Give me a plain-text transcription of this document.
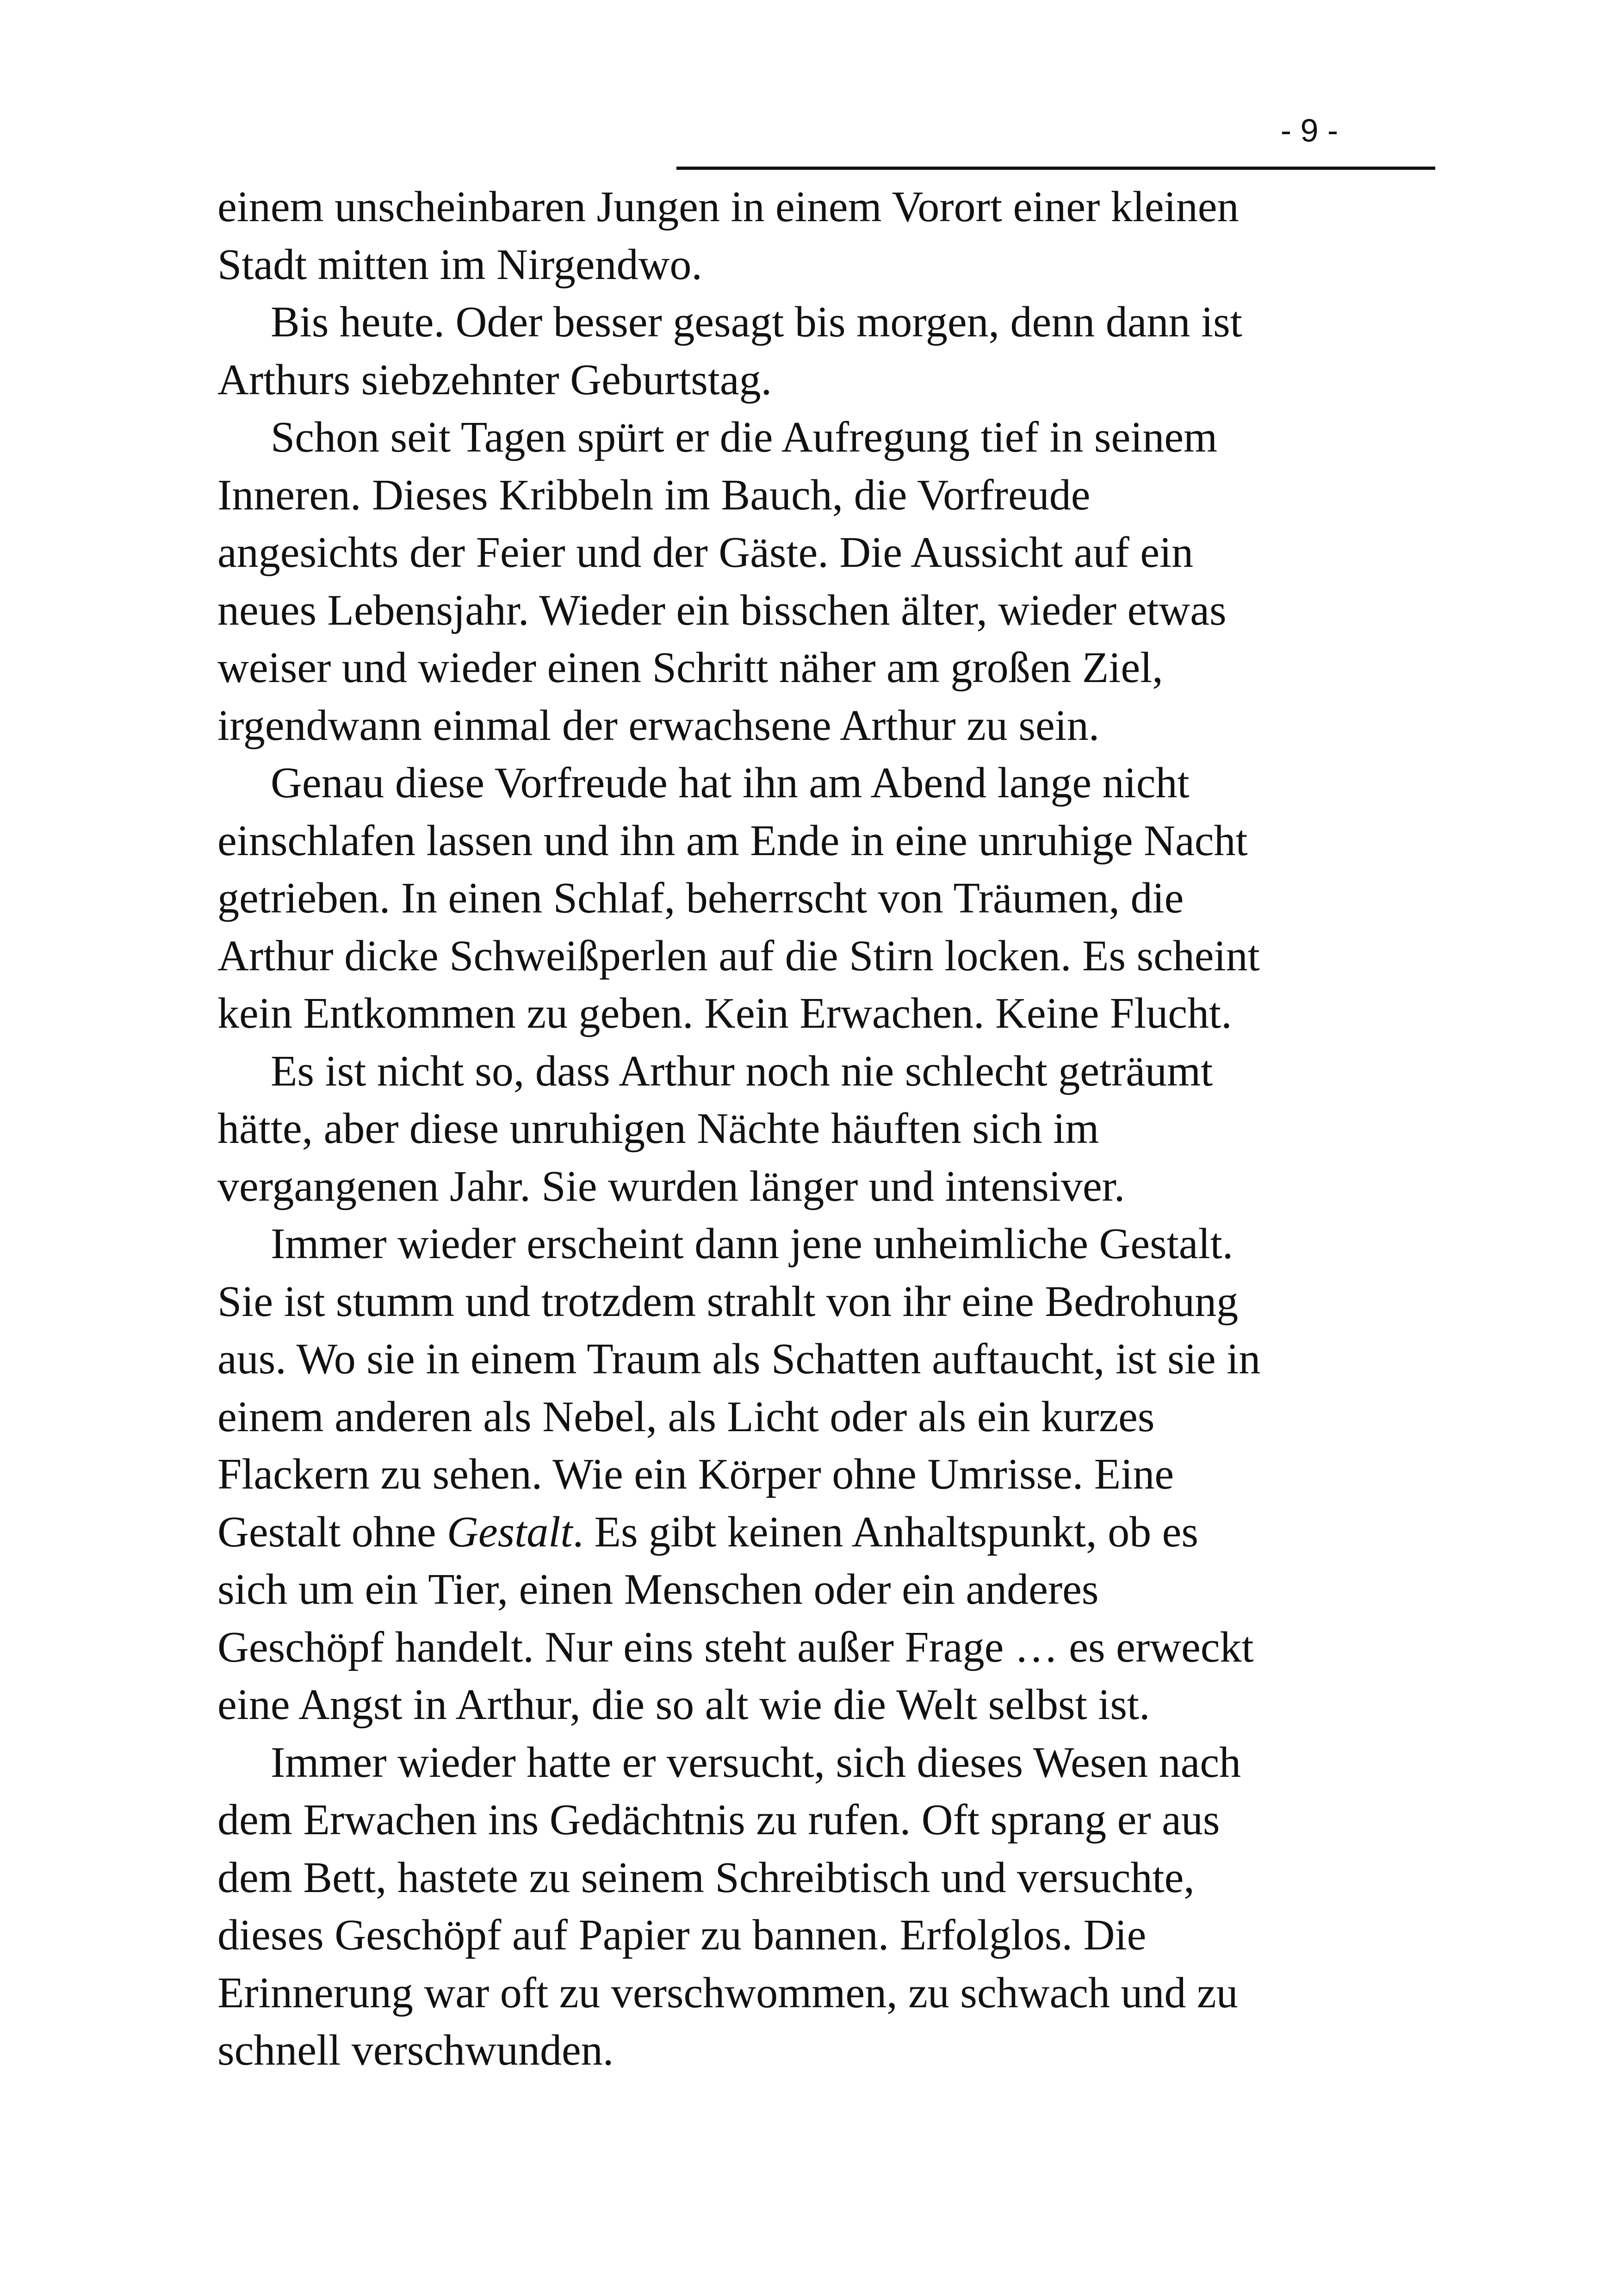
- 9 -

einem unscheinbaren Jungen in einem Vorort einer kleinen

Stadt mitten im Nirgendwo.

Bis heute. Oder besser gesagt bis morgen, denn dann ist

Arthurs siebzehnter Geburtstag.

Schon seit Tagen spürt er die Aufregung tief in seinem

Inneren. Dieses Kribbeln im Bauch, die Vorfreude

angesichts der Feier und der Gäste. Die Aussicht auf ein

neues Lebensjahr. Wieder ein bisschen älter, wieder etwas

weiser und wieder einen Schritt näher am großen Ziel,

irgendwann einmal der erwachsene Arthur zu sein.

Genau diese Vorfreude hat ihn am Abend lange nicht

einschlafen lassen und ihn am Ende in eine unruhige Nacht

getrieben. In einen Schlaf, beherrscht von Träumen, die

Arthur dicke Schweißperlen auf die Stirn locken. Es scheint

kein Entkommen zu geben. Kein Erwachen. Keine Flucht.

Es ist nicht so, dass Arthur noch nie schlecht geträumt

hätte, aber diese unruhigen Nächte häuften sich im

vergangenen Jahr. Sie wurden länger und intensiver.

Immer wieder erscheint dann jene unheimliche Gestalt.

Sie ist stumm und trotzdem strahlt von ihr eine Bedrohung

aus. Wo sie in einem Traum als Schatten auftaucht, ist sie in

einem anderen als Nebel, als Licht oder als ein kurzes

Flackern zu sehen. Wie ein Körper ohne Umrisse. Eine

Gestalt ohne Gestalt. Es gibt keinen Anhaltspunkt, ob es

sich um ein Tier, einen Menschen oder ein anderes

Geschöpf handelt. Nur eins steht außer Frage … es erweckt

eine Angst in Arthur, die so alt wie die Welt selbst ist.

Immer wieder hatte er versucht, sich dieses Wesen nach

dem Erwachen ins Gedächtnis zu rufen. Oft sprang er aus

dem Bett, hastete zu seinem Schreibtisch und versuchte,

dieses Geschöpf auf Papier zu bannen. Erfolglos. Die

Erinnerung war oft zu verschwommen, zu schwach und zu

schnell verschwunden.
